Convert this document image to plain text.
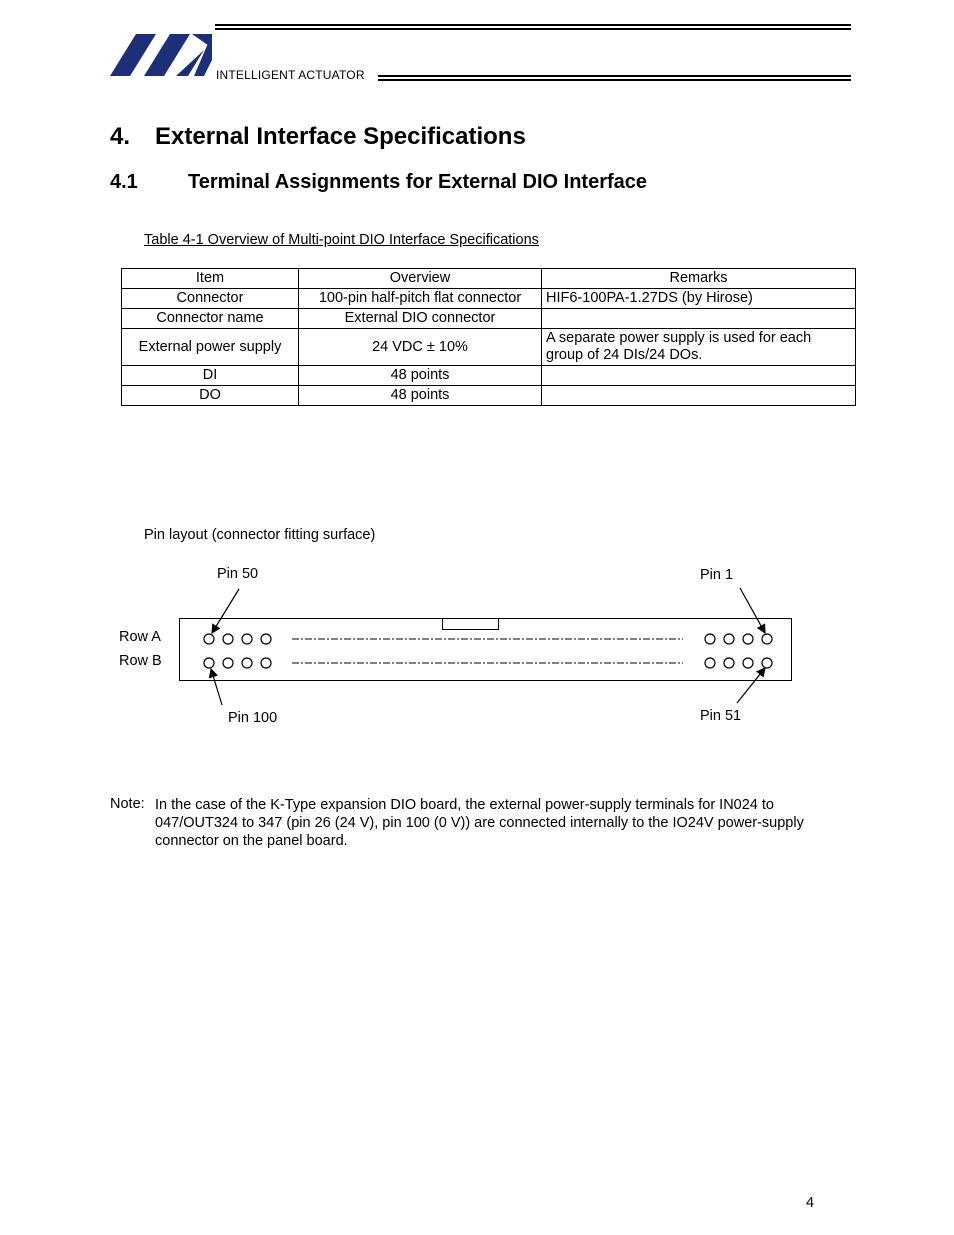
INTELLIGENT ACTUATOR
4. External Interface Specifications
4.1	Terminal Assignments for External DIO Interface
Table 4-1 Overview of Multi-point DIO Interface Specifications
Item	Overview	Remarks
Connector	100-pin half-pitch flat connector	HIF6-100PA-1.27DS (by Hirose)
Connector name	External DIO connector	
External power supply	24 VDC ± 10%	A separate power supply is used for each group of 24 DIs/24 DOs.
DI	48 points	
DO	48 points	
Pin layout (connector fitting surface)
Pin 50	Pin 1
Pin 100	Pin 51
Row A
Row B
Note: In the case of the K-Type expansion DIO board, the external power-supply terminals for IN024 to 047/OUT324 to 347 (pin 26 (24 V), pin 100 (0 V)) are connected internally to the IO24V power-supply connector on the panel board.
4
